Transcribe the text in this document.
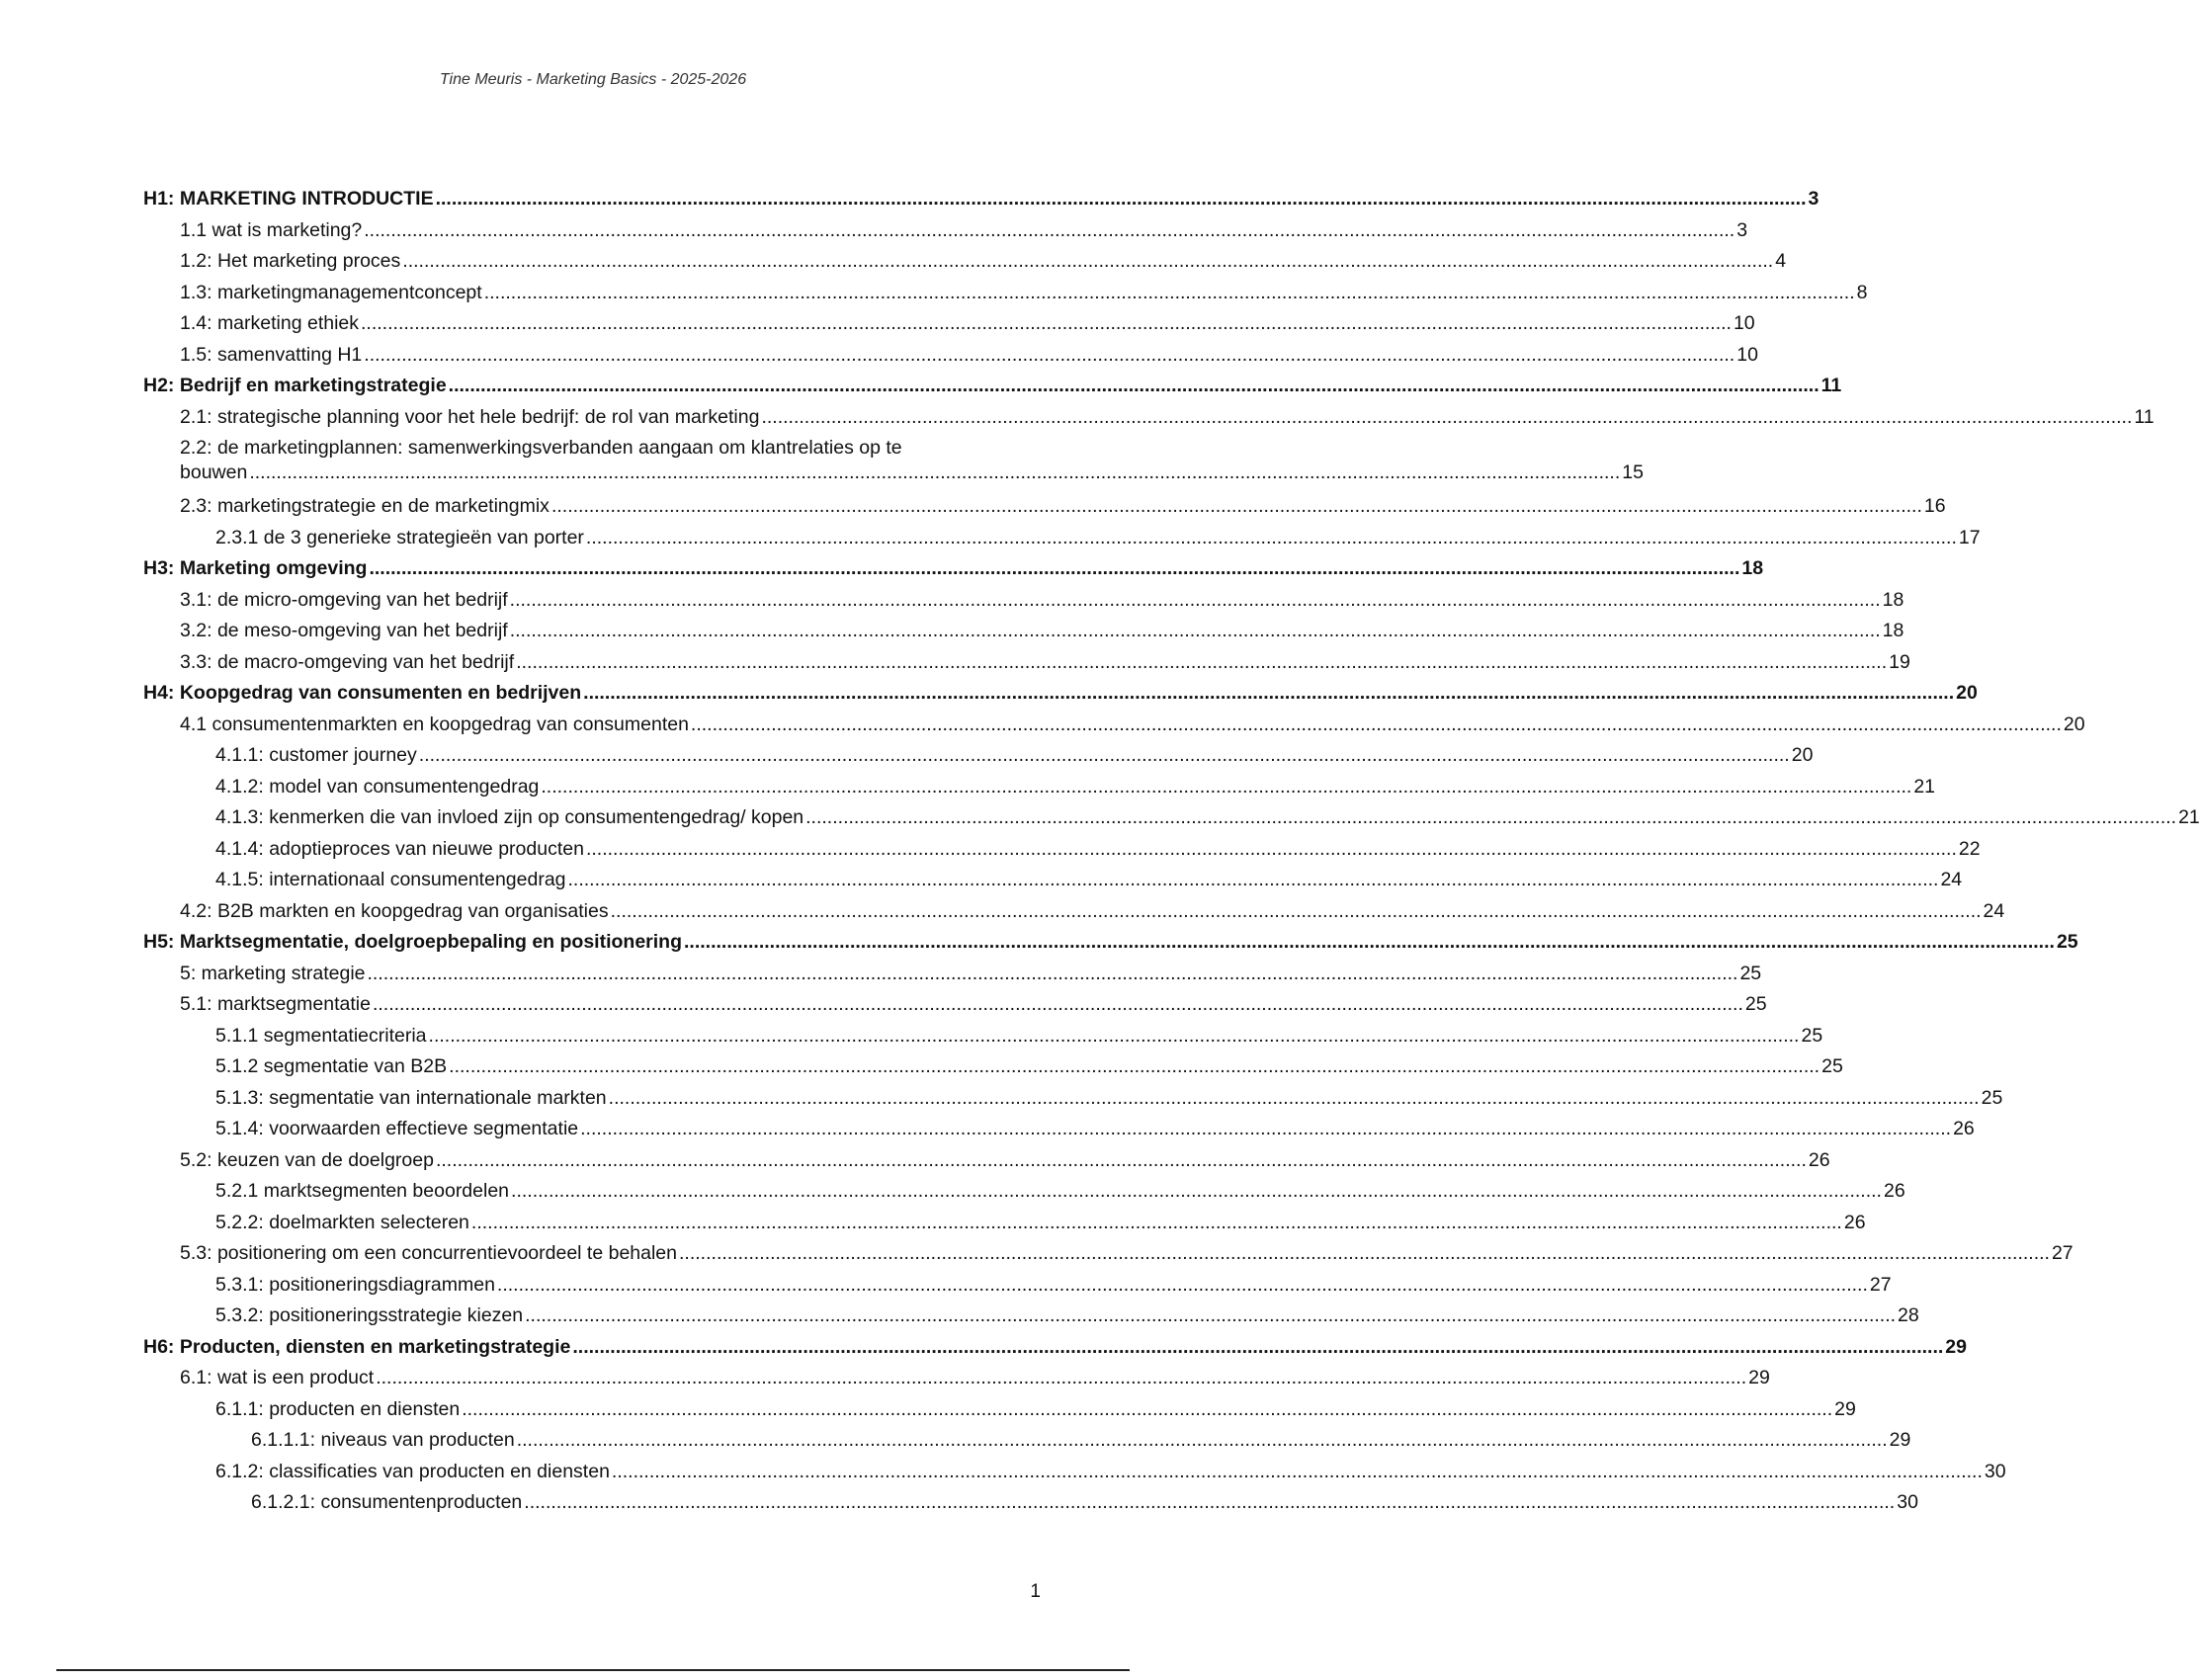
Tine Meuris - Marketing Basics - 2025-2026
H1: MARKETING INTRODUCTIE .....	3
1.1 wat is marketing? .....	3
1.2: Het marketing proces .....	4
1.3: marketingmanagementconcept .....	8
1.4: marketing ethiek .....	10
1.5: samenvatting H1 .....	10
H2: Bedrijf en marketingstrategie .....	11
2.1: strategische planning voor het hele bedrijf: de rol van marketing .....	11
2.2: de marketingplannen: samenwerkingsverbanden aangaan om klantrelaties op te
bouwen .....	15
2.3: marketingstrategie en de marketingmix .....	16
2.3.1 de 3 generieke strategieën van porter .....	17
H3: Marketing omgeving .....	18
3.1: de micro-omgeving van het bedrijf .....	18
3.2: de meso-omgeving van het bedrijf .....	18
3.3: de macro-omgeving van het bedrijf .....	19
H4: Koopgedrag van consumenten en bedrijven .....	20
4.1 consumentenmarkten en koopgedrag van consumenten .....	20
4.1.1: customer journey .....	20
4.1.2: model van consumentengedrag .....	21
4.1.3: kenmerken die van invloed zijn op consumentengedrag/ kopen .....	21
4.1.4: adoptieproces van nieuwe producten .....	22
4.1.5: internationaal consumentengedrag .....	24
4.2: B2B markten en koopgedrag van organisaties .....	24
H5: Marktsegmentatie, doelgroepbepaling en positionering .....	25
5: marketing strategie .....	25
5.1: marktsegmentatie .....	25
5.1.1 segmentatiecriteria .....	25
5.1.2 segmentatie van B2B .....	25
5.1.3: segmentatie van internationale markten .....	25
5.1.4: voorwaarden effectieve segmentatie .....	26
5.2: keuzen van de doelgroep .....	26
5.2.1 marktsegmenten beoordelen .....	26
5.2.2: doelmarkten selecteren .....	26
5.3: positionering om een concurrentievoordeel te behalen .....	27
5.3.1: positioneringsdiagrammen .....	27
5.3.2: positioneringsstrategie kiezen .....	28
H6: Producten, diensten en marketingstrategie .....	29
6.1: wat is een product .....	29
6.1.1: producten en diensten .....	29
6.1.1.1: niveaus van producten .....	29
6.1.2: classificaties van producten en diensten .....	30
6.1.2.1: consumentenproducten .....	30
1
